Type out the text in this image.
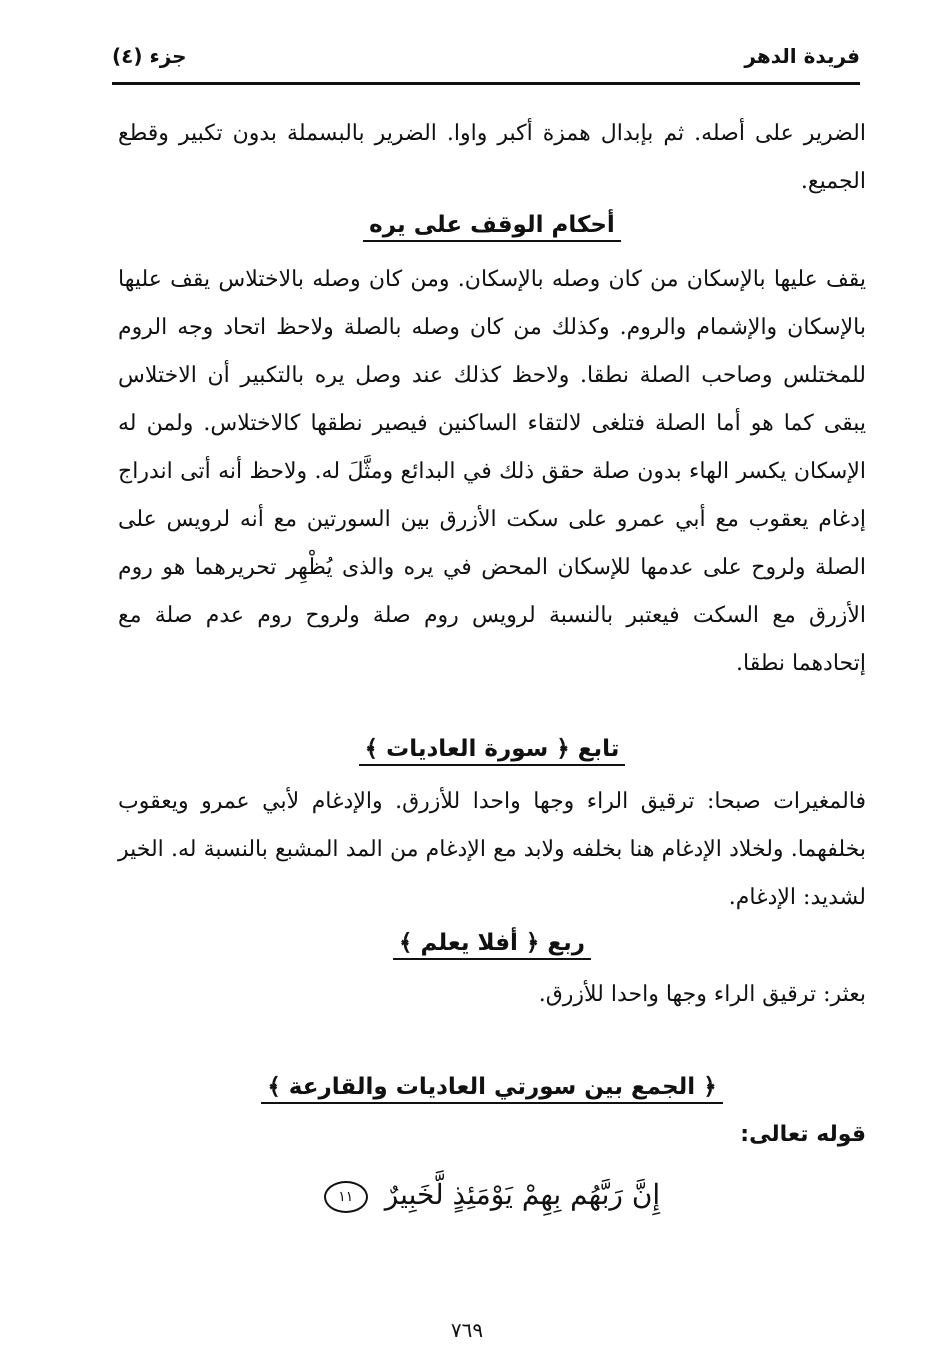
فريدة الدهر
جزء (٤)
الضرير على أصله. ثم بإبدال همزة أكبر واوا. الضرير بالبسملة بدون تكبير وقطع الجميع.
أحكام الوقف على يره
يقف عليها بالإسكان من كان وصله بالإسكان. ومن كان وصله بالاختلاس يقف عليها بالإسكان والإشمام والروم. وكذلك من كان وصله بالصلة ولاحظ اتحاد وجه الروم للمختلس وصاحب الصلة نطقا. ولاحظ كذلك عند وصل يره بالتكبير أن الاختلاس يبقى كما هو أما الصلة فتلغى لالتقاء الساكنين فيصير نطقها كالاختلاس. ولمن له الإسكان يكسر الهاء بدون صلة حقق ذلك في البدائع ومثَّلَ له. ولاحظ أنه أتى اندراج إدغام يعقوب مع أبي عمرو على سكت الأزرق بين السورتين مع أنه لرويس على الصلة ولروح على عدمها للإسكان المحض في يره والذى يُظْهِر تحريرهما هو روم الأزرق مع السكت فيعتبر بالنسبة لرويس روم صلة ولروح روم عدم صلة مع إتحادهما نطقا.
تابع ﴿ سورة العاديات ﴾
فالمغيرات صبحا: ترقيق الراء وجها واحدا للأزرق. والإدغام لأبي عمرو ويعقوب بخلفهما. ولخلاد الإدغام هنا بخلفه ولابد مع الإدغام من المد المشبع بالنسبة له. الخير لشديد: الإدغام.
ربع ﴿ أفلا يعلم ﴾
بعثر: ترقيق الراء وجها واحدا للأزرق.
﴿ الجمع بين سورتي العاديات والقارعة ﴾
قوله تعالى:
إِنَّ رَبَّهُم بِهِمْ يَوْمَئِذٍ لَّخَبِيرٌ ١١
٧٦٩
